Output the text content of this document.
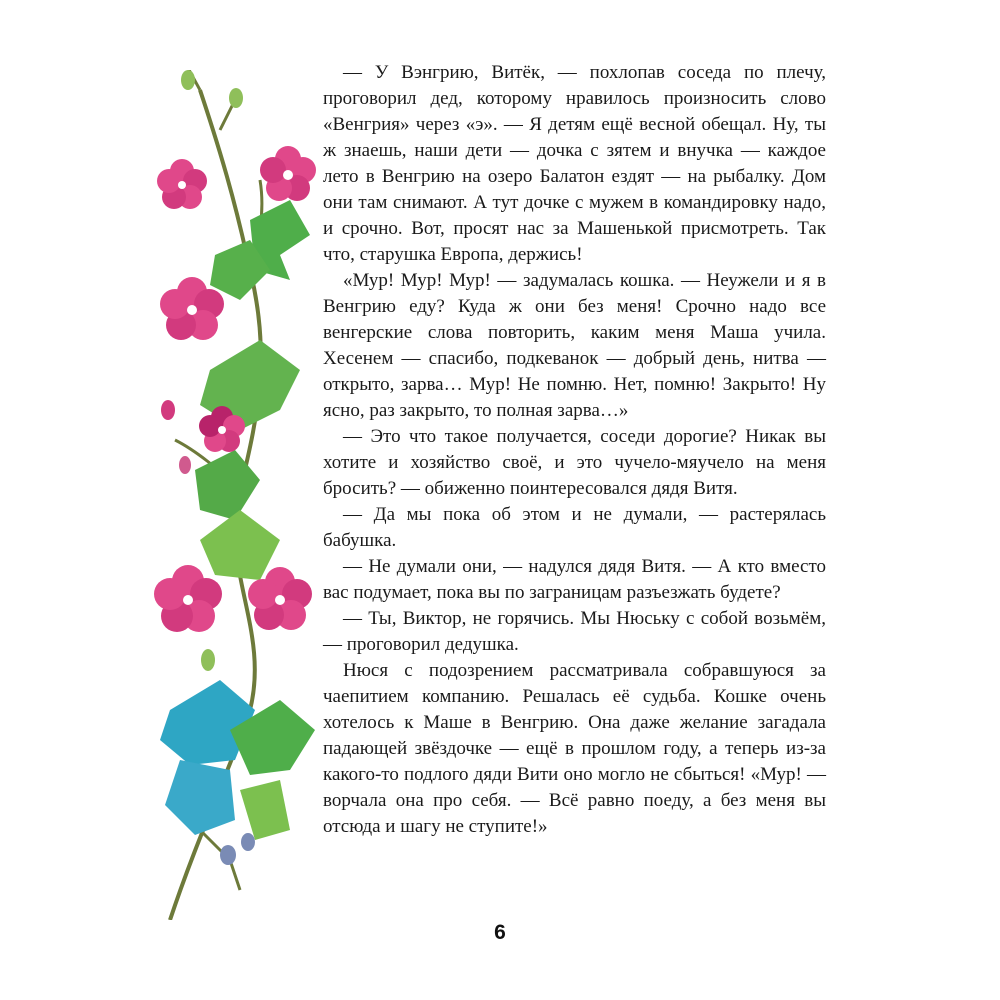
— У Вэнгрию, Витёк, — похлопав соседа по плечу, проговорил дед, которому нравилось произносить слово «Венгрия» через «э». — Я детям ещё весной обещал. Ну, ты ж знаешь, наши дети — дочка с зятем и внучка — каждое лето в Венгрию на озеро Балатон ездят — на рыбалку. Дом они там снимают. А тут дочке с мужем в командировку надо, и срочно. Вот, просят нас за Машенькой присмотреть. Так что, старушка Европа, держись!

«Мур! Мур! Мур! — задумалась кошка. — Неужели и я в Венгрию еду? Куда ж они без меня! Срочно надо все венгерские слова повторить, каким меня Маша учила. Хесенем — спасибо, подкеванок — добрый день, нитва — открыто, зарва… Мур! Не помню. Нет, помню! Закрыто! Ну ясно, раз закрыто, то полная зарва…»

— Это что такое получается, соседи дорогие? Никак вы хотите и хозяйство своё, и это чучело-мяучело на меня бросить? — обиженно поинтересовался дядя Витя.

— Да мы пока об этом и не думали, — растерялась бабушка.

— Не думали они, — надулся дядя Витя. — А кто вместо вас подумает, пока вы по заграницам разъезжать будете?

— Ты, Виктор, не горячись. Мы Нюську с собой возьмём, — проговорил дедушка.

Нюся с подозрением рассматривала собравшуюся за чаепитием компанию. Решалась её судьба. Кошке очень хотелось к Маше в Венгрию. Она даже желание загадала падающей звёздочке — ещё в прошлом году, а теперь из-за какого-то подлого дяди Вити оно могло не сбыться! «Мур! — ворчала она про себя. — Всё равно поеду, а без меня вы отсюда и шагу не ступите!»

6
